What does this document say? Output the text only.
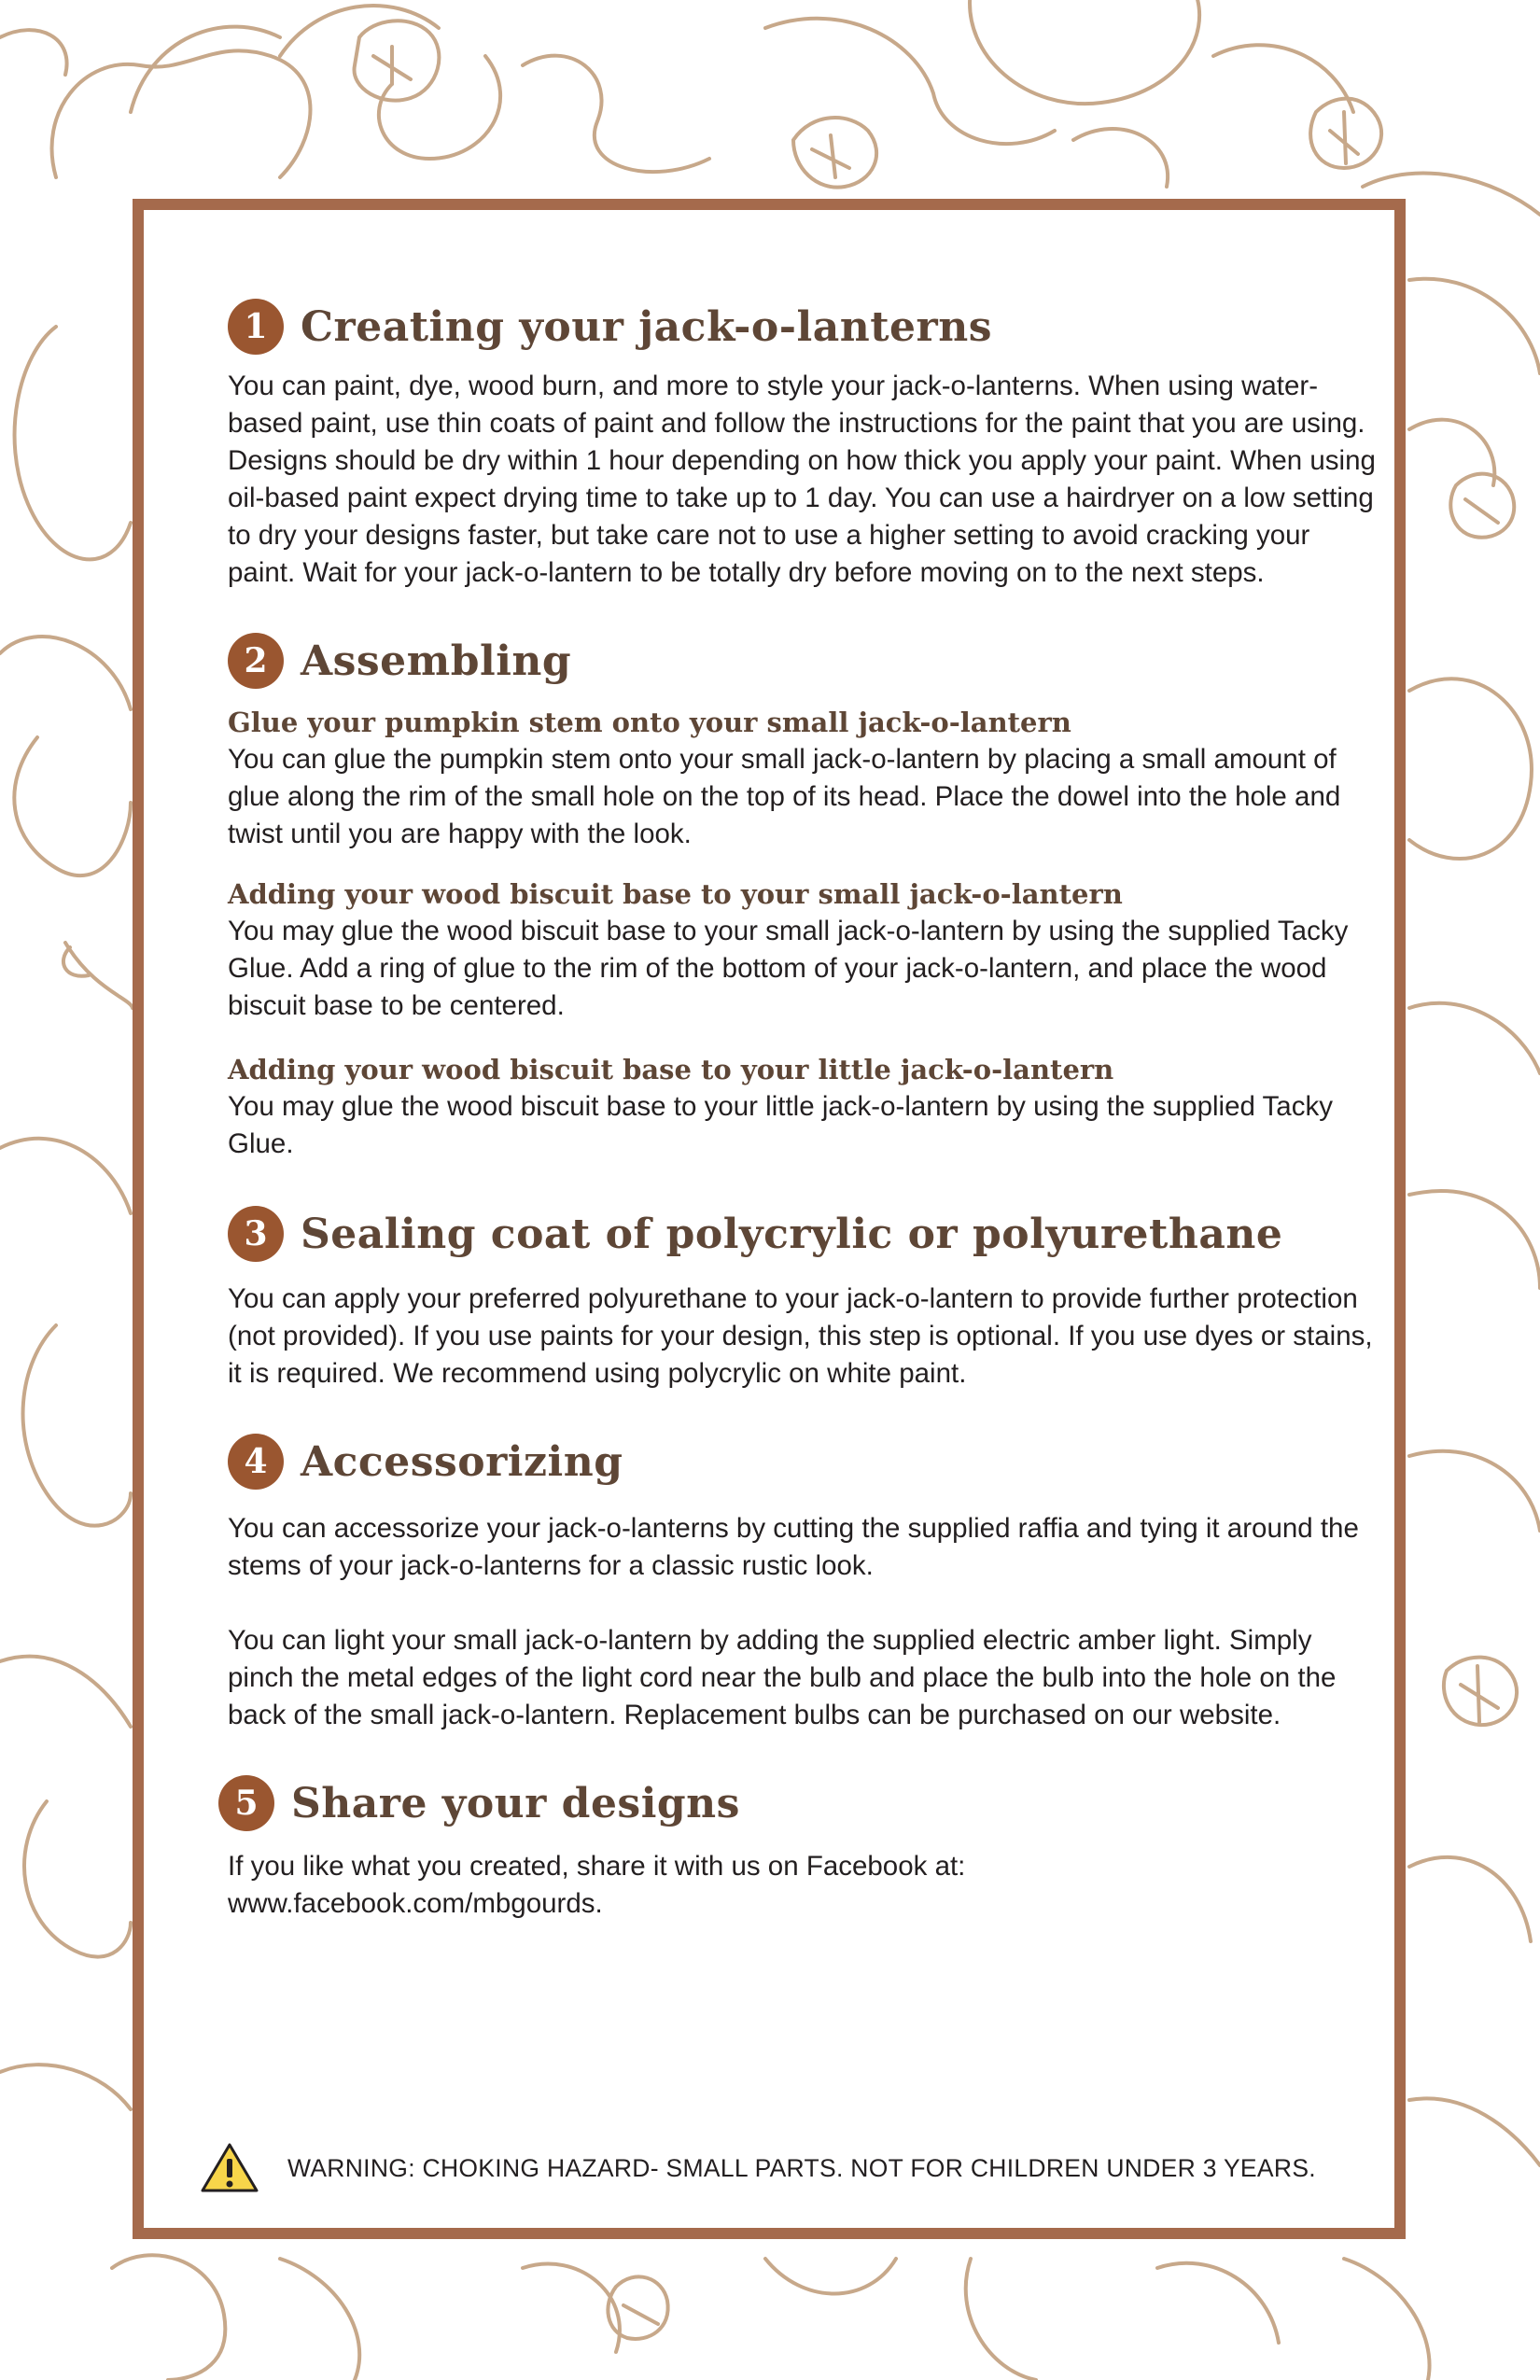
1 Creating your jack-o-lanterns

You can paint, dye, wood burn, and more to style your jack-o-lanterns. When using water-based paint, use thin coats of paint and follow the instructions for the paint that you are using. Designs should be dry within 1 hour depending on how thick you apply your paint. When using oil-based paint expect drying time to take up to 1 day. You can use a hairdryer on a low setting to dry your designs faster, but take care not to use a higher setting to avoid cracking your paint. Wait for your jack-o-lantern to be totally dry before moving on to the next steps.

2 Assembling

Glue your pumpkin stem onto your small jack-o-lantern

You can glue the pumpkin stem onto your small jack-o-lantern by placing a small amount of glue along the rim of the small hole on the top of its head. Place the dowel into the hole and twist until you are happy with the look.

Adding your wood biscuit base to your small jack-o-lantern

You may glue the wood biscuit base to your small jack-o-lantern by using the supplied Tacky Glue. Add a ring of glue to the rim of the bottom of your jack-o-lantern, and place the wood biscuit base to be centered.

Adding your wood biscuit base to your little jack-o-lantern

You may glue the wood biscuit base to your little jack-o-lantern by using the supplied Tacky Glue.

3 Sealing coat of polycrylic or polyurethane

You can apply your preferred polyurethane to your jack-o-lantern to provide further protection (not provided). If you use paints for your design, this step is optional. If you use dyes or stains, it is required. We recommend using polycrylic on white paint.

4 Accessorizing

You can accessorize your jack-o-lanterns by cutting the supplied raffia and tying it around the stems of your jack-o-lanterns for a classic rustic look.

You can light your small jack-o-lantern by adding the supplied electric amber light. Simply pinch the metal edges of the light cord near the bulb and place the bulb into the hole on the back of the small jack-o-lantern. Replacement bulbs can be purchased on our website.

5 Share your designs

If you like what you created, share it with us on Facebook at: www.facebook.com/mbgourds.

WARNING: CHOKING HAZARD- SMALL PARTS. NOT FOR CHILDREN UNDER 3 YEARS.
